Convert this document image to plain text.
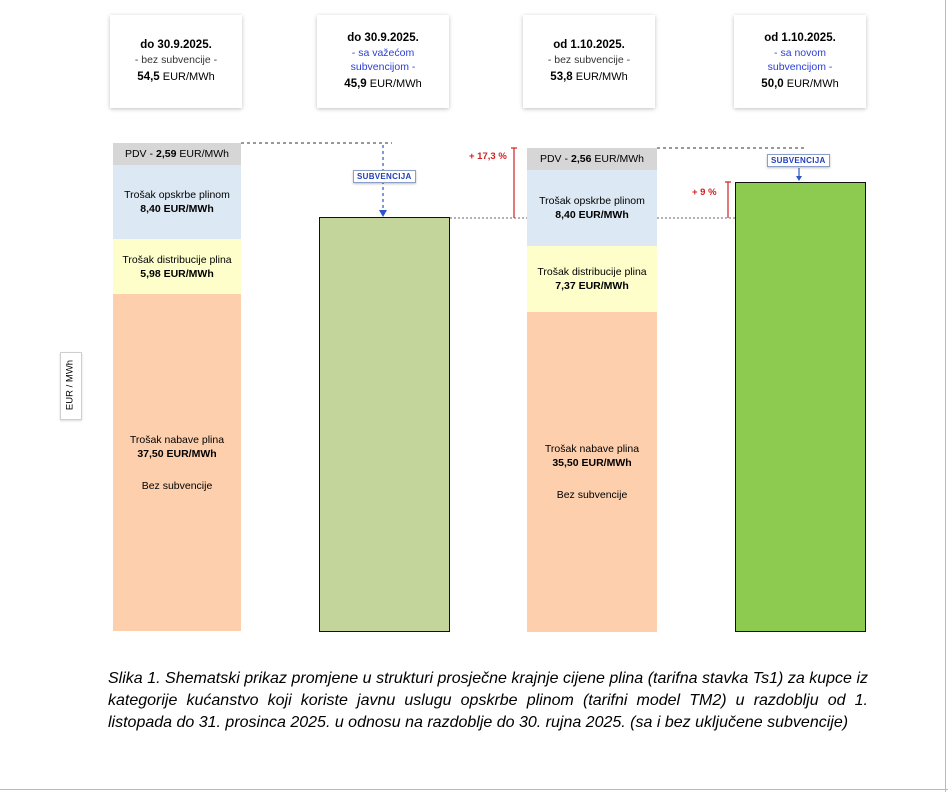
do 30.9.2025.
- bez subvencije -
54,5 EUR/MWh
do 30.9.2025.
- sa važećom subvencijom -
45,9 EUR/MWh
od 1.10.2025.
- bez subvencije -
53,8 EUR/MWh
od 1.10.2025.
- sa novom subvencijom -
50,0 EUR/MWh
PDV - 2,59 EUR/MWh
Trošak opskrbe plinom
8,40 EUR/MWh
Trošak distribucije plina
5,98 EUR/MWh
Trošak nabave plina
37,50 EUR/MWh
Bez subvencije
PDV - 2,56 EUR/MWh
Trošak opskrbe plinom
8,40 EUR/MWh
Trošak distribucije plina
7,37 EUR/MWh
Trošak nabave plina
35,50 EUR/MWh
Bez subvencije
SUBVENCIJA
SUBVENCIJA
+ 17,3 %
+ 9 %
EUR / MWh
Slika 1. Shematski prikaz promjene u strukturi prosječne krajnje cijene plina (tarifna stavka Ts1) za kupce iz kategorije kućanstvo koji koriste javnu uslugu opskrbe plinom (tarifni model TM2) u razdoblju od 1. listopada do 31. prosinca 2025. u odnosu na razdoblje do 30. rujna 2025. (sa i bez uključene subvencije)
